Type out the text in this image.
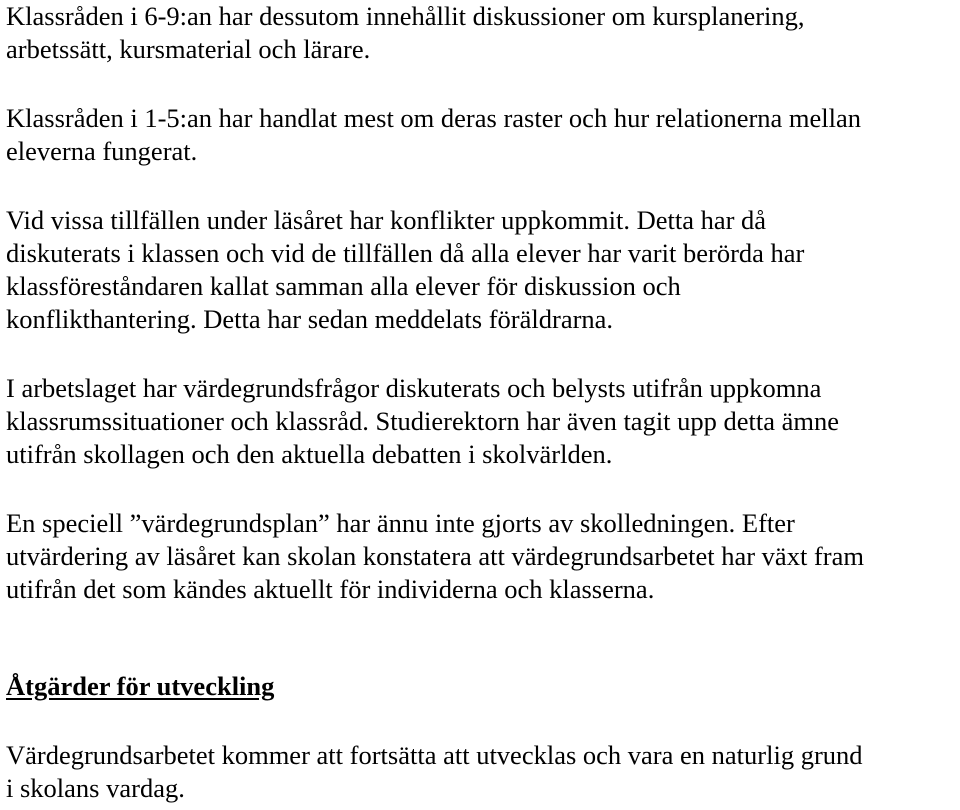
Klassråden i 6-9:an har dessutom innehållit diskussioner om kursplanering,
arbetssätt, kursmaterial och lärare.

Klassråden i 1-5:an har handlat mest om deras raster och hur relationerna mellan
eleverna fungerat.

Vid vissa tillfällen under läsåret har konflikter uppkommit. Detta har då
diskuterats i klassen och vid de tillfällen då alla elever har varit berörda har
klassföreståndaren kallat samman alla elever för diskussion och
konflikthantering. Detta har sedan meddelats föräldrarna.

I arbetslaget har värdegrundsfrågor diskuterats och belysts utifrån uppkomna
klassrumssituationer och klassråd. Studierektorn har även tagit upp detta ämne
utifrån skollagen och den aktuella debatten i skolvärlden.

En speciell ”värdegrundsplan” har ännu inte gjorts av skolledningen. Efter
utvärdering av läsåret kan skolan konstatera att värdegrundsarbetet har växt fram
utifrån det som kändes aktuellt för individerna och klasserna.

Åtgärder för utveckling

Värdegrundsarbetet kommer att fortsätta att utvecklas och vara en naturlig grund
i skolans vardag.
